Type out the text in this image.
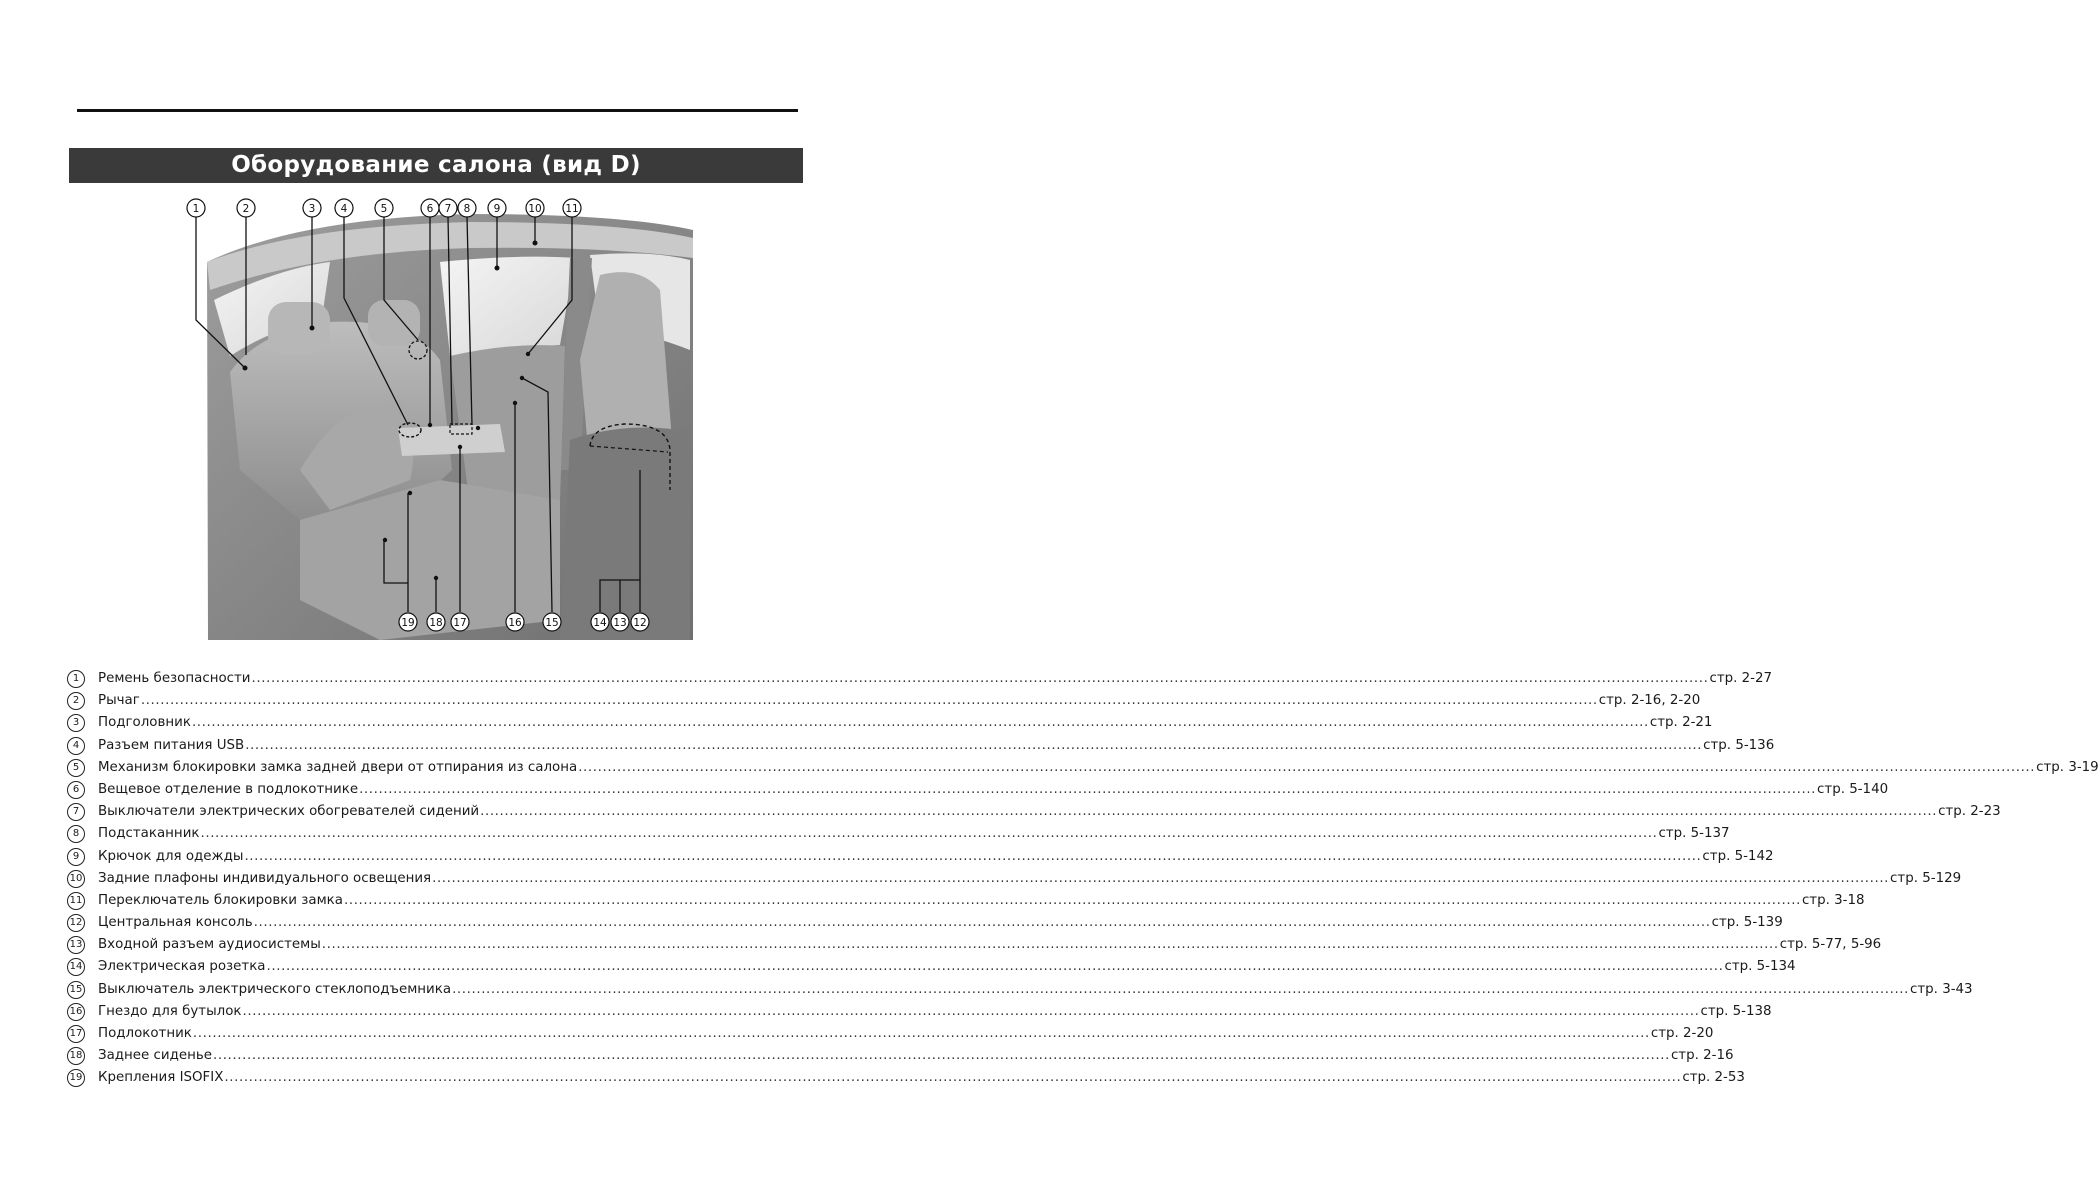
Оборудование салона (вид D)
1	2	3 4	5	6 7 8 9	10 11
12
13
14
15
16
17
18
19
1	Ремень безопасности ............................................................................................................................................................................................................................................................................................................ стр. 2-27
2	Рычаг ............................................................................................................................................................................................................................................................................................................ стр. 2-16, 2-20
3	Подголовник ............................................................................................................................................................................................................................................................................................................ стр. 2-21
4	Разъем питания USB ............................................................................................................................................................................................................................................................................................................ стр. 5-136
5	Механизм блокировки замка задней двери от отпирания из салона ............................................................................................................................................................................................................................................................................................................ стр. 3-19
6	Вещевое отделение в подлокотнике ............................................................................................................................................................................................................................................................................................................ стр. 5-140
7	Выключатели электрических обогревателей сидений ............................................................................................................................................................................................................................................................................................................ стр. 2-23
8	Подстаканник ............................................................................................................................................................................................................................................................................................................ стр. 5-137
9	Крючок для одежды ............................................................................................................................................................................................................................................................................................................ стр. 5-142
10 Задние плафоны индивидуального освещения ............................................................................................................................................................................................................................................................................................................ стр. 5-129
11 Переключатель блокировки замка ............................................................................................................................................................................................................................................................................................................ стр. 3-18
12 Центральная консоль ............................................................................................................................................................................................................................................................................................................ стр. 5-139
13 Входной разъем аудиосистемы ............................................................................................................................................................................................................................................................................................................ стр. 5-77, 5-96
14 Электрическая розетка ............................................................................................................................................................................................................................................................................................................ стр. 5-134
15 Выключатель электрического стеклоподъемника ............................................................................................................................................................................................................................................................................................................ стр. 3-43
16 Гнездо для бутылок ............................................................................................................................................................................................................................................................................................................ стр. 5-138
17 Подлокотник ............................................................................................................................................................................................................................................................................................................ стр. 2-20
18 Заднее сиденье ............................................................................................................................................................................................................................................................................................................ стр. 2-16
19 Крепления ISOFIX ............................................................................................................................................................................................................................................................................................................ стр. 2-53
